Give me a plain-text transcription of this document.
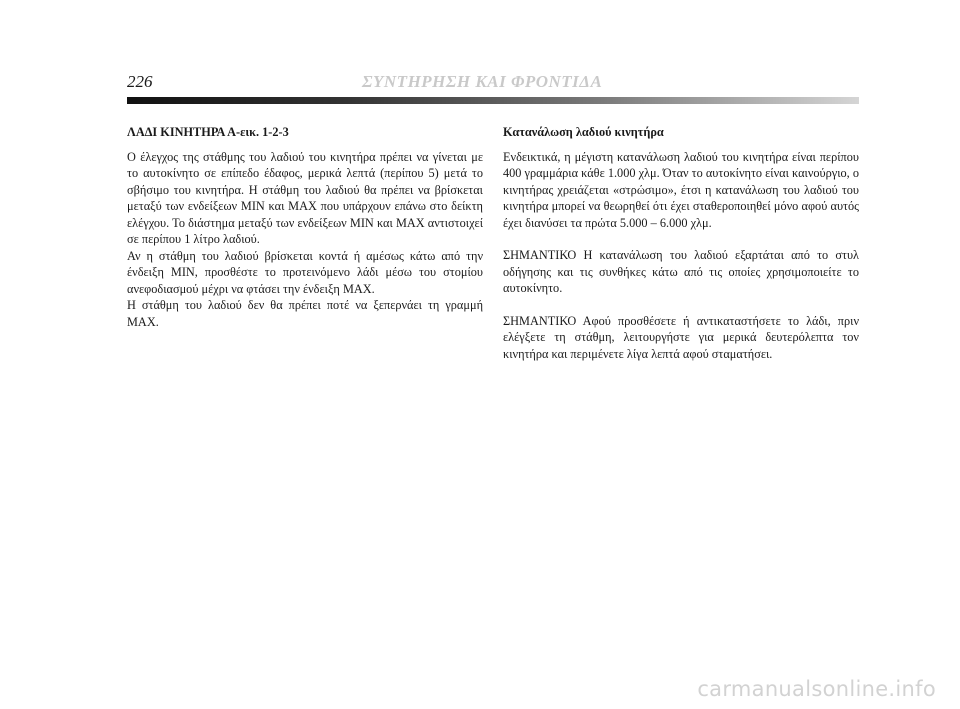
226	ΣΥΝΤΗΡΗΣΗ ΚΑΙ ΦΡΟΝΤΙΔΑ

ΛΑΔΙ ΚΙΝΗΤΗΡΑ Α-εικ. 1-2-3

Ο έλεγχος της στάθμης του λαδιού του κινητήρα πρέπει να γίνεται με το αυτοκίνητο σε επίπεδο έδαφος, μερικά λεπτά (περίπου 5) μετά το σβήσιμο του κινητήρα. Η στάθμη του λαδιού θα πρέπει να βρίσκεται μεταξύ των ενδείξεων MIN και MAX που υπάρχουν επάνω στο δείκτη ελέγχου. Το διάστημα μεταξύ των ενδείξεων MIN και MAX αντιστοιχεί σε περίπου 1 λίτρο λαδιού.

Αν η στάθμη του λαδιού βρίσκεται κοντά ή αμέσως κάτω από την ένδειξη MIN, προσθέστε το προτεινόμενο λάδι μέσω του στομίου ανεφοδιασμού μέχρι να φτάσει την ένδειξη MAX.

Η στάθμη του λαδιού δεν θα πρέπει ποτέ να ξεπερνάει τη γραμμή MAX.

Κατανάλωση λαδιού κινητήρα

Ενδεικτικά, η μέγιστη κατανάλωση λαδιού του κινητήρα είναι περίπου 400 γραμμάρια κάθε 1.000 χλμ. Όταν το αυτοκίνητο είναι καινούργιο, ο κινητήρας χρειάζεται «στρώσιμο», έτσι η κατανάλωση του λαδιού του κινητήρα μπορεί να θεωρηθεί ότι έχει σταθεροποιηθεί μόνο αφού αυτός έχει διανύσει τα πρώτα 5.000 – 6.000 χλμ.

ΣΗΜΑΝΤΙΚΟ Η κατανάλωση του λαδιού εξαρτάται από το στυλ οδήγησης και τις συνθήκες κάτω από τις οποίες χρησιμοποιείτε το αυτοκίνητο.

ΣΗΜΑΝΤΙΚΟ Αφού προσθέσετε ή αντικαταστήσετε το λάδι, πριν ελέγξετε τη στάθμη, λειτουργήστε για μερικά δευτερόλεπτα τον κινητήρα και περιμένετε λίγα λεπτά αφού σταματήσει.

carmanualsonline.info
